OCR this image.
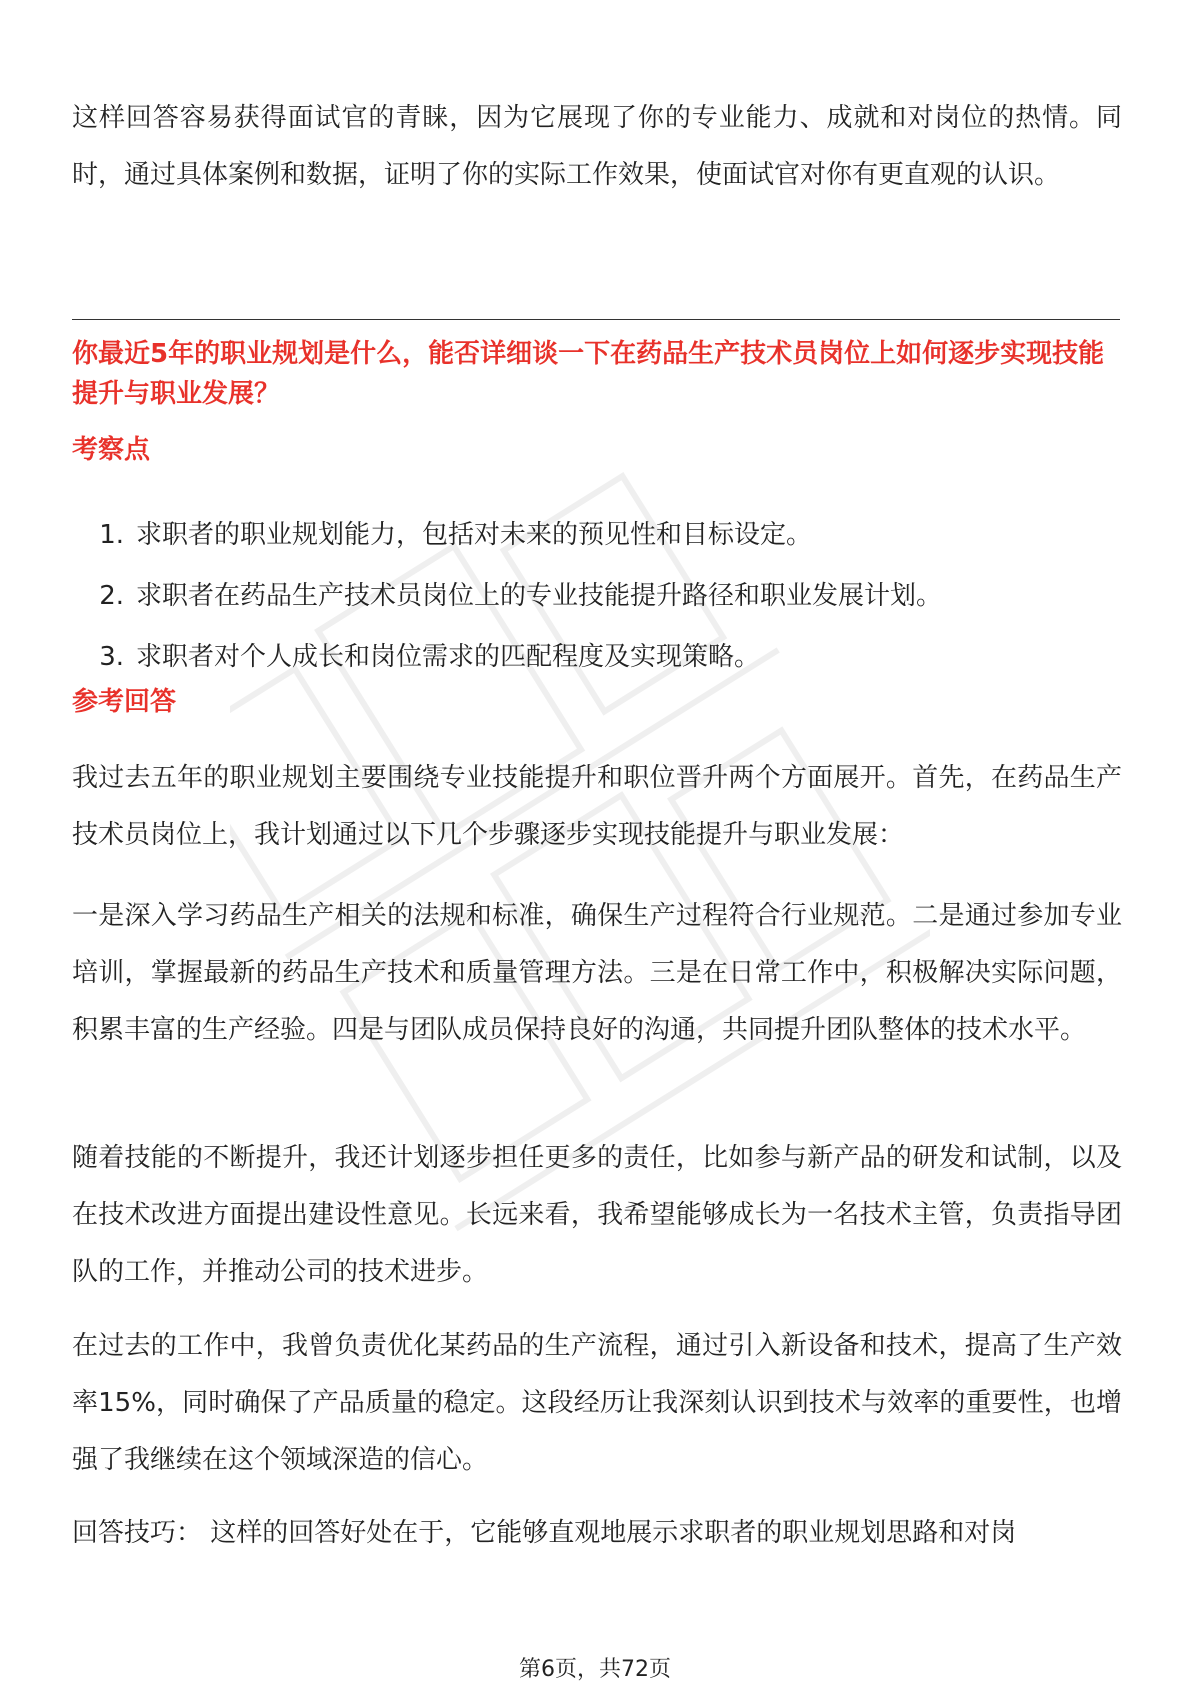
这样回答容易获得面试官的青睐，因为它展现了你的专业能力、成就和对岗位的热情。同时，通过具体案例和数据，证明了你的实际工作效果，使面试官对你有更直观的认识。

你最近5年的职业规划是什么，能否详细谈一下在药品生产技术员岗位上如何逐步实现技能提升与职业发展？
考察点
1. 求职者的职业规划能力，包括对未来的预见性和目标设定。
2. 求职者在药品生产技术员岗位上的专业技能提升路径和职业发展计划。
3. 求职者对个人成长和岗位需求的匹配程度及实现策略。
参考回答

我过去五年的职业规划主要围绕专业技能提升和职位晋升两个方面展开。首先，在药品生产技术员岗位上，我计划通过以下几个步骤逐步实现技能提升与职业发展：

一是深入学习药品生产相关的法规和标准，确保生产过程符合行业规范。二是通过参加专业培训，掌握最新的药品生产技术和质量管理方法。三是在日常工作中，积极解决实际问题，积累丰富的生产经验。四是与团队成员保持良好的沟通，共同提升团队整体的技术水平。

随着技能的不断提升，我还计划逐步担任更多的责任，比如参与新产品的研发和试制，以及在技术改进方面提出建设性意见。长远来看，我希望能够成长为一名技术主管，负责指导团队的工作，并推动公司的技术进步。

在过去的工作中，我曾负责优化某药品的生产流程，通过引入新设备和技术，提高了生产效率15%，同时确保了产品质量的稳定。这段经历让我深刻认识到技术与效率的重要性，也增强了我继续在这个领域深造的信心。

回答技巧： 这样的回答好处在于，它能够直观地展示求职者的职业规划思路和对岗

第6页，共72页
